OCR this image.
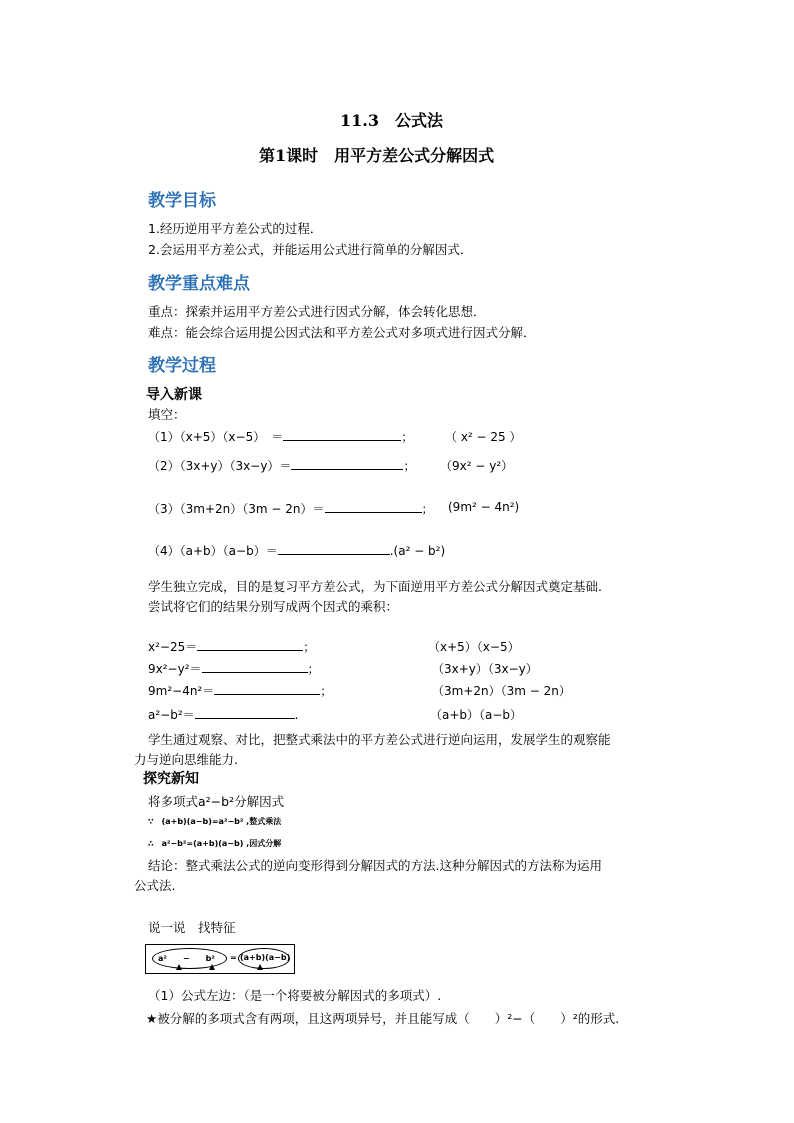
11.3　公式法
第1课时　用平方差公式分解因式
教学目标
1.经历逆用平方差公式的过程．
2.会运用平方差公式，并能运用公式进行简单的分解因式．
教学重点难点
重点：探索并运用平方差公式进行因式分解，体会转化思想．
难点：能会综合运用提公因式法和平方差公式对多项式进行因式分解．
教学过程
导入新课
填空：
（1）（x+5）（x−5）　＝	；	（ x² − 25 ）
（2）（3x+y）（3x−y）＝	； （9x² − y²）
（3）（3m+2n）（3m − 2n）＝	； (9m² − 4n²)
（4）（a+b）（a−b）＝	.(a² − b²)
学生独立完成，目的是复习平方差公式，为下面逆用平方差公式分解因式奠定基础.
尝试将它们的结果分别写成两个因式的乘积：
x²−25＝	；	（x+5）（x−5）
9x²−y²＝	；	（3x+y）（3x−y）
9m²−4n²＝	；	（3m+2n）（3m − 2n）
a²−b²＝	.	（a+b）（a−b）
学生通过观察、对比，把整式乘法中的平方差公式进行逆向运用，发展学生的观察能
力与逆向思维能力.
探究新知
将多项式a²−b²分解因式
∵　(a+b)(a−b)=a²−b² ,整式乘法
∴　a²−b²=(a+b)(a−b) ,因式分解
结论：整式乘法公式的逆向变形得到分解因式的方法.这种分解因式的方法称为运用
公式法.
说一说　找特征
a²　　−　　b² = (a+b)(a−b)
（1）公式左边：（是一个将要被分解因式的多项式）.
★被分解的多项式含有两项，且这两项异号，并且能写成（　　）²−（　　）²的形式.
